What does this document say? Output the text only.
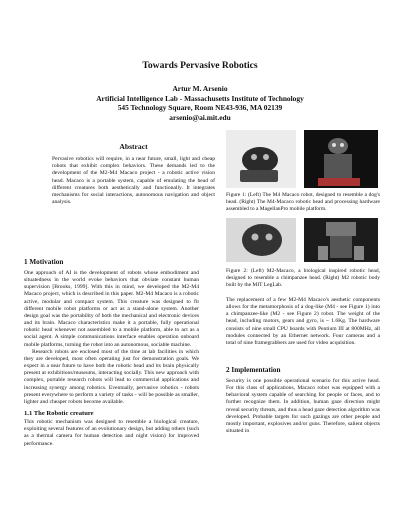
Towards Pervasive Robotics
Artur M. Arsenio
Artificial Intelligence Lab - Massachusetts Institute of Technology
545 Technology Square, Room NE43-936, MA 02139
arsenio@ai.mit.edu
Abstract
Pervasive robotics will require, in a near future, small, light and cheap robots that exhibit complex behaviors. These demands led to the development of the M2-M4 Macaco project - a robotic active vision head. Macaco is a portable system, capable of emulating the head of different creatures both aesthetically and functionally. It integrates mechanisms for social interactions, autonomous navigation and object analysis.
1 Motivation

One approach of AI is the development of robots whose embodiment and situatedness in the world evoke behaviors that obviate constant human supervision [Brooks, 1999]. With this in mind, we developed the M2-M4 Macaco project, which is described in this paper. M2-M4 Macaco is a robotic active, modular and compact system. This creature was designed to fit different mobile robot platforms or act as a stand-alone system. Another design goal was the portability of both the mechanical and electronic devices and its brain. Macaco characteristics make it a portable, fully operational robotic head whenever not assembled to a mobile platform, able to act as a social agent. A simple communications interface enables operation onboard mobile platforms, turning the robot into an autonomous, sociable machine.

Research robots are enclosed most of the time at lab facilities in which they are developed, most often operating just for demonstration goals. We expect in a near future to have both the robotic head and its brain physically present at exhibitions/museums, interacting socially. This new approach with complex, portable research robots will lead to commercial applications and increasing synergy among robotics. Eventually, pervasive robotics - robots present everywhere to perform a variety of tasks - will be possible as smaller, lighter and cheaper robots become available.

1.1 The Robotic creature

This robotic mechanism was designed to resemble a biological creature, exploiting several features of an evolutionary design, but adding others (such as a thermal camera for human detection and night vision) for improved performance.

Figure 1: (Left) The M4 Macaco robot, designed to resemble a dog's head. (Right) The M4-Macaco robotic head and processing hardware assembled to a MagellanPro mobile platform.
Figure 2: (Left) M2-Macaco, a biological inspired robotic head, designed to resemble a chimpanzee head. (Right) M2 robotic body built by the MIT LegLab.

The replacement of a few M2-M4 Macaco's aesthetic components allows for the metamorphosis of a dog-like (M4 - see Figure 1) into a chimpanzee-like (M2 - see Figure 2) robot. The weight of the head, including motors, gears and gyro, is ~ 1.6Kg. The hardware consists of nine small CPU boards with Pentium III at 800MHz, all modules connected by an Ethernet network. Four cameras and a total of nine framegrabbers are used for video acquisition.

2 Implementation
Security is one possible operational scenario for this active head. For this class of applications, Macaco robot was equipped with a behavioral system capable of searching for people or faces, and to further recognize them. In addition, human gaze direction might reveal security threats, and thus a head gaze detection algorithm was developed. Probable targets for such gazings are other people and mostly important, explosives and/or guns. Therefore, salient objects situated in
